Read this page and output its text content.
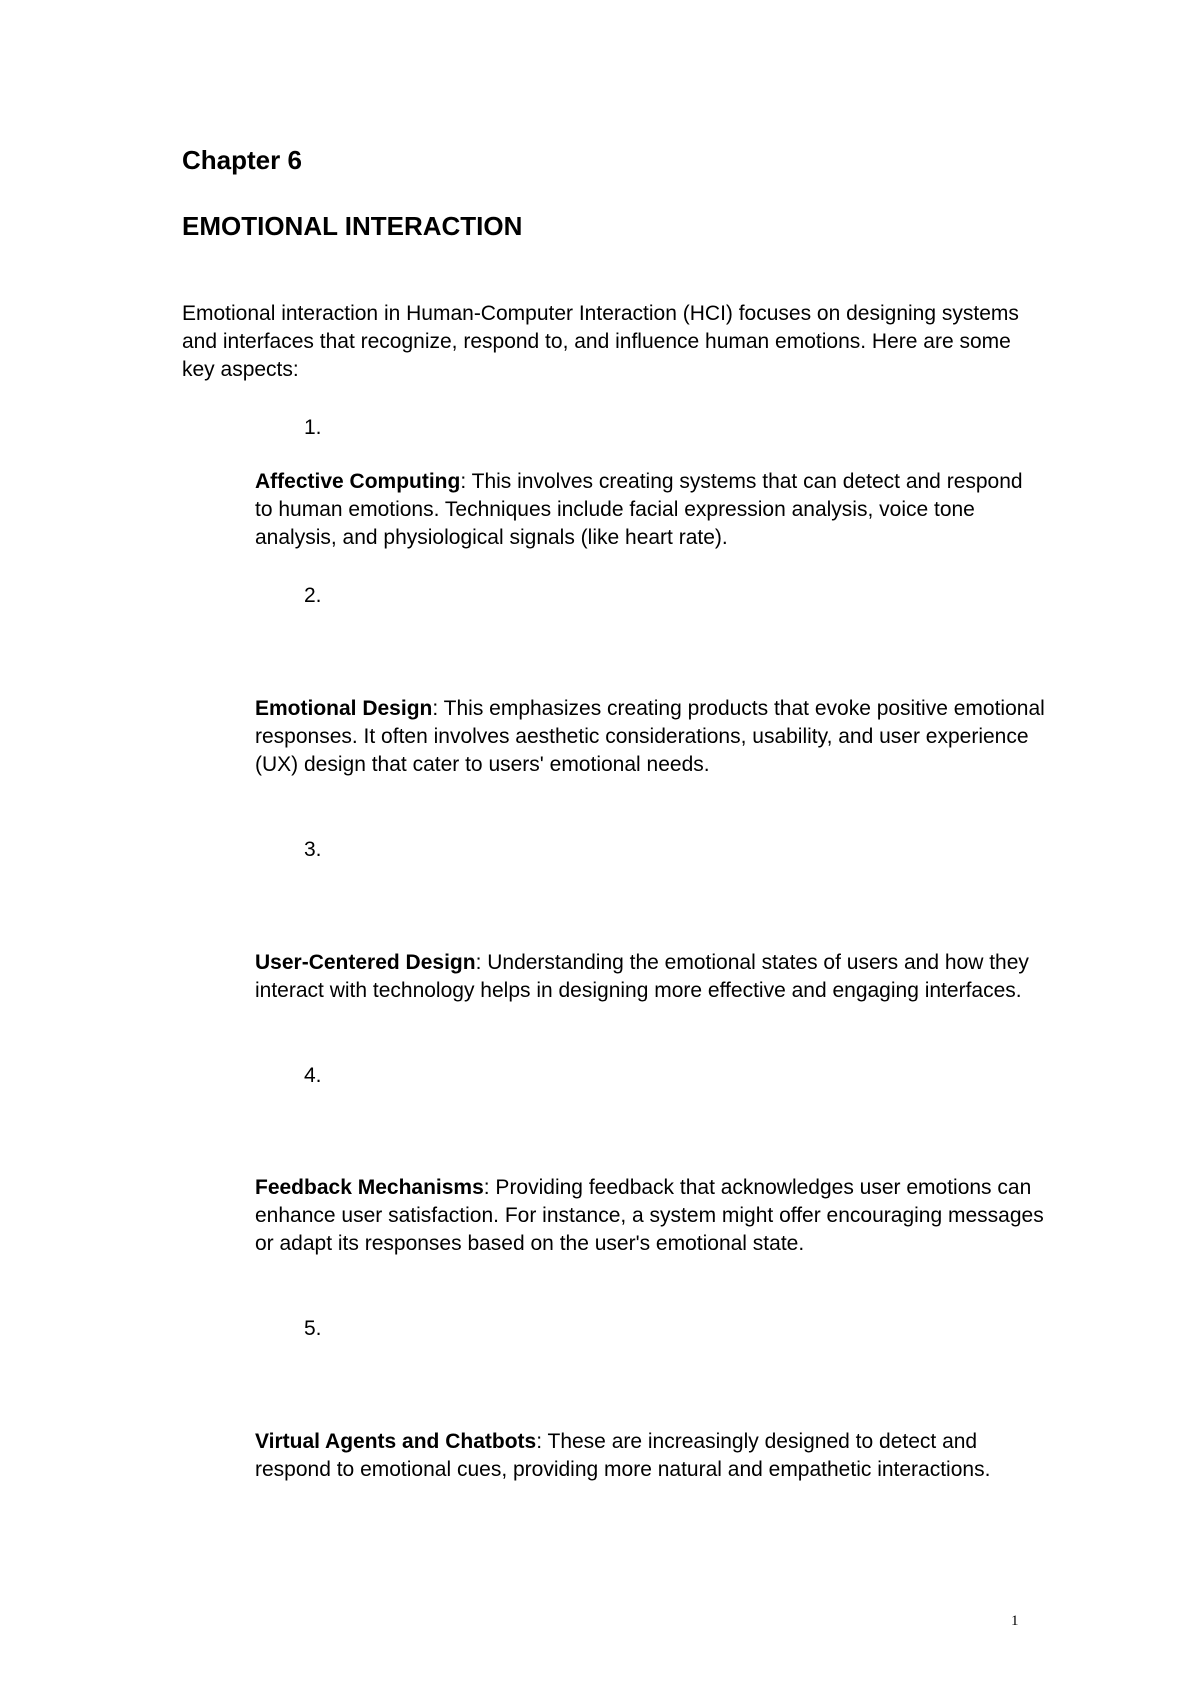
Chapter 6
EMOTIONAL INTERACTION

Emotional interaction in Human-Computer Interaction (HCI) focuses on designing systems and interfaces that recognize, respond to, and influence human emotions. Here are some key aspects:

1.

Affective Computing: This involves creating systems that can detect and respond to human emotions. Techniques include facial expression analysis, voice tone analysis, and physiological signals (like heart rate).

2.

Emotional Design: This emphasizes creating products that evoke positive emotional responses. It often involves aesthetic considerations, usability, and user experience (UX) design that cater to users' emotional needs.

3.

User-Centered Design: Understanding the emotional states of users and how they interact with technology helps in designing more effective and engaging interfaces.

4.

Feedback Mechanisms: Providing feedback that acknowledges user emotions can enhance user satisfaction. For instance, a system might offer encouraging messages or adapt its responses based on the user's emotional state.

5.

Virtual Agents and Chatbots: These are increasingly designed to detect and respond to emotional cues, providing more natural and empathetic interactions.

1
